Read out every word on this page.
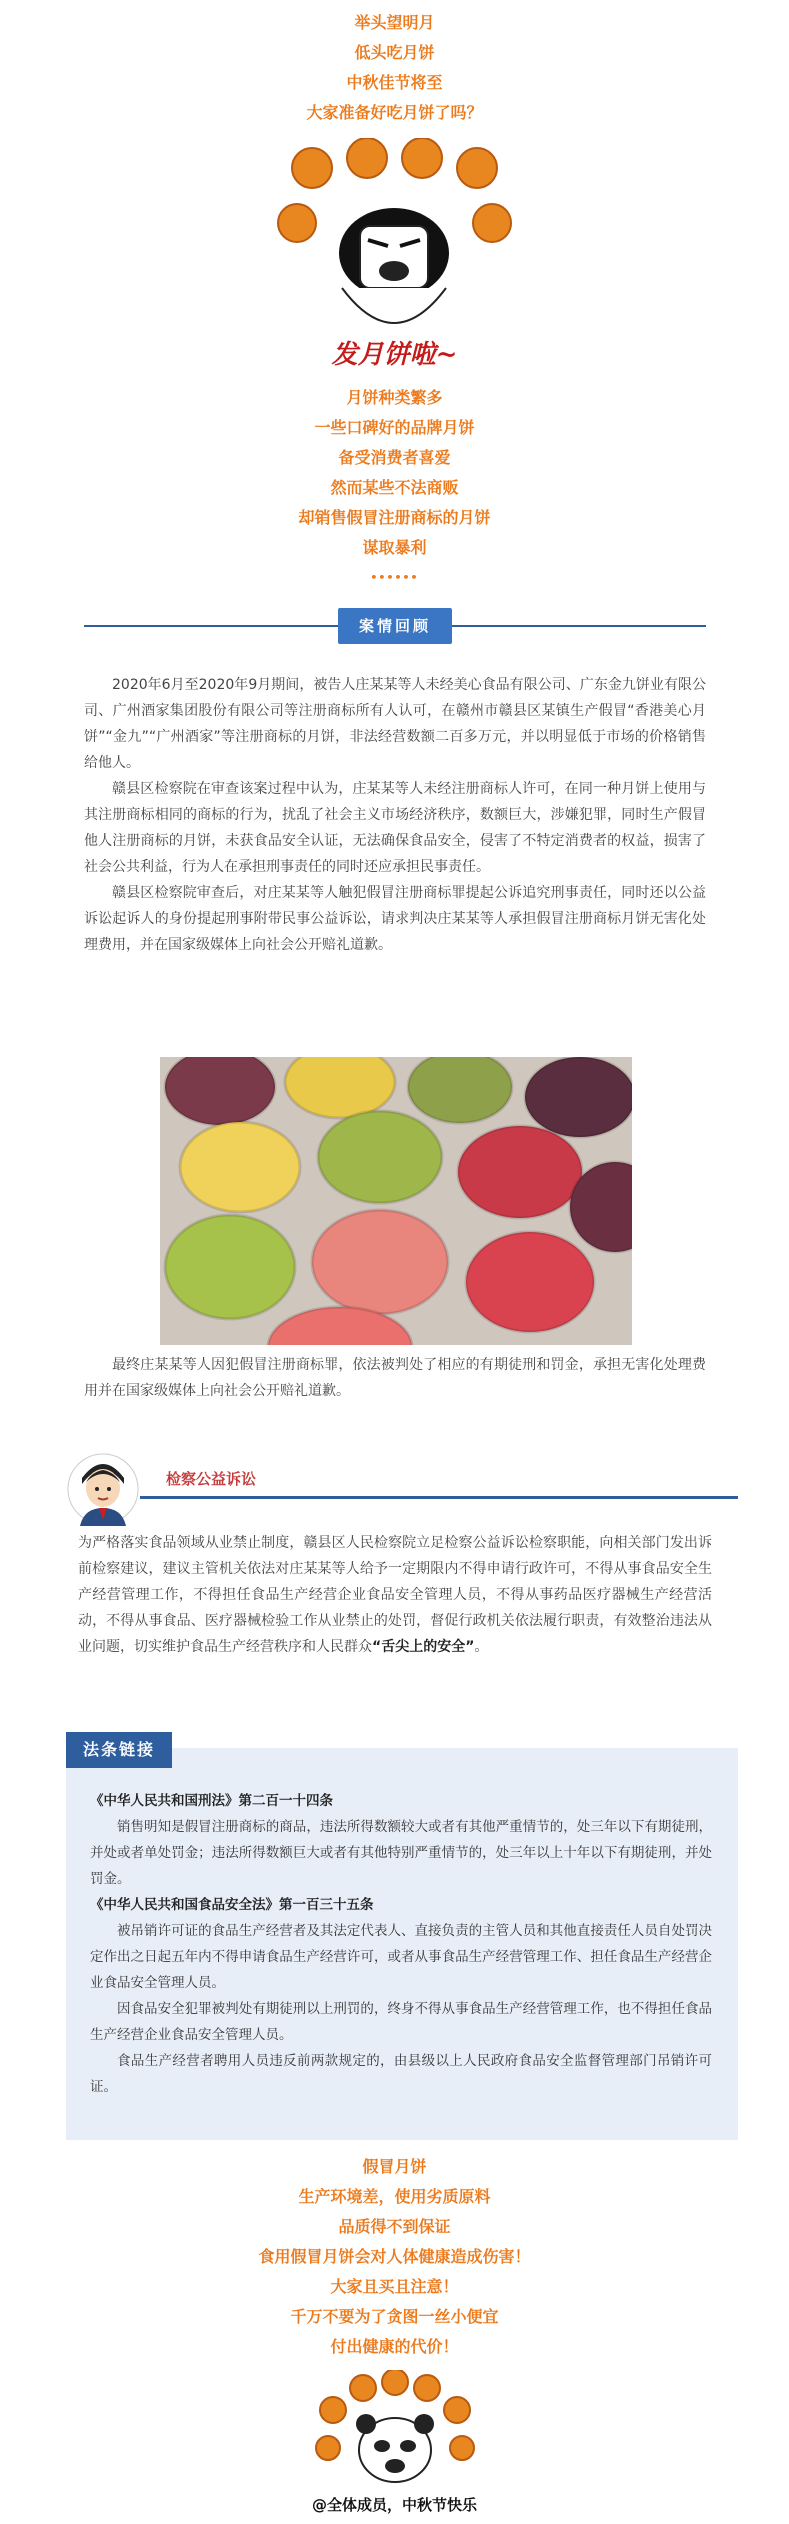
举头望明月
低头吃月饼
中秋佳节将至
大家准备好吃月饼了吗？
发月饼啦~
月饼种类繁多
一些口碑好的品牌月饼
备受消费者喜爱
然而某些不法商贩
却销售假冒注册商标的月饼
谋取暴利
••••••
案情回顾

2020年6月至2020年9月期间，被告人庄某某等人未经美心食品有限公司、广东金九饼业有限公司、广州酒家集团股份有限公司等注册商标所有人认可，在赣州市赣县区某镇生产假冒“香港美心月饼”“金九”“广州酒家”等注册商标的月饼，非法经营数额二百多万元，并以明显低于市场的价格销售给他人。

赣县区检察院在审查该案过程中认为，庄某某等人未经注册商标人许可，在同一种月饼上使用与其注册商标相同的商标的行为，扰乱了社会主义市场经济秩序，数额巨大，涉嫌犯罪，同时生产假冒他人注册商标的月饼，未获食品安全认证，无法确保食品安全，侵害了不特定消费者的权益，损害了社会公共利益，行为人在承担刑事责任的同时还应承担民事责任。

赣县区检察院审查后，对庄某某等人触犯假冒注册商标罪提起公诉追究刑事责任，同时还以公益诉讼起诉人的身份提起刑事附带民事公益诉讼，请求判决庄某某等人承担假冒注册商标月饼无害化处理费用，并在国家级媒体上向社会公开赔礼道歉。

最终庄某某等人因犯假冒注册商标罪，依法被判处了相应的有期徒刑和罚金，承担无害化处理费用并在国家级媒体上向社会公开赔礼道歉。

检察公益诉讼

为严格落实食品领域从业禁止制度，赣县区人民检察院立足检察公益诉讼检察职能，向相关部门发出诉前检察建议，建议主管机关依法对庄某某等人给予一定期限内不得申请行政许可，不得从事食品安全生产经营管理工作，不得担任食品生产经营企业食品安全管理人员，不得从事药品医疗器械生产经营活动，不得从事食品、医疗器械检验工作从业禁止的处罚，督促行政机关依法履行职责，有效整治违法从业问题，切实维护食品生产经营秩序和人民群众“舌尖上的安全”。

法条链接

《中华人民共和国刑法》第二百一十四条

销售明知是假冒注册商标的商品，违法所得数额较大或者有其他严重情节的，处三年以下有期徒刑，并处或者单处罚金；违法所得数额巨大或者有其他特别严重情节的，处三年以上十年以下有期徒刑，并处罚金。

《中华人民共和国食品安全法》第一百三十五条

被吊销许可证的食品生产经营者及其法定代表人、直接负责的主管人员和其他直接责任人员自处罚决定作出之日起五年内不得申请食品生产经营许可，或者从事食品生产经营管理工作、担任食品生产经营企业食品安全管理人员。

因食品安全犯罪被判处有期徒刑以上刑罚的，终身不得从事食品生产经营管理工作，也不得担任食品生产经营企业食品安全管理人员。

食品生产经营者聘用人员违反前两款规定的，由县级以上人民政府食品安全监督管理部门吊销许可证。

假冒月饼
生产环境差，使用劣质原料
品质得不到保证
食用假冒月饼会对人体健康造成伤害！
大家且买且注意！
千万不要为了贪图一丝小便宜
付出健康的代价！
@全体成员，中秋节快乐
